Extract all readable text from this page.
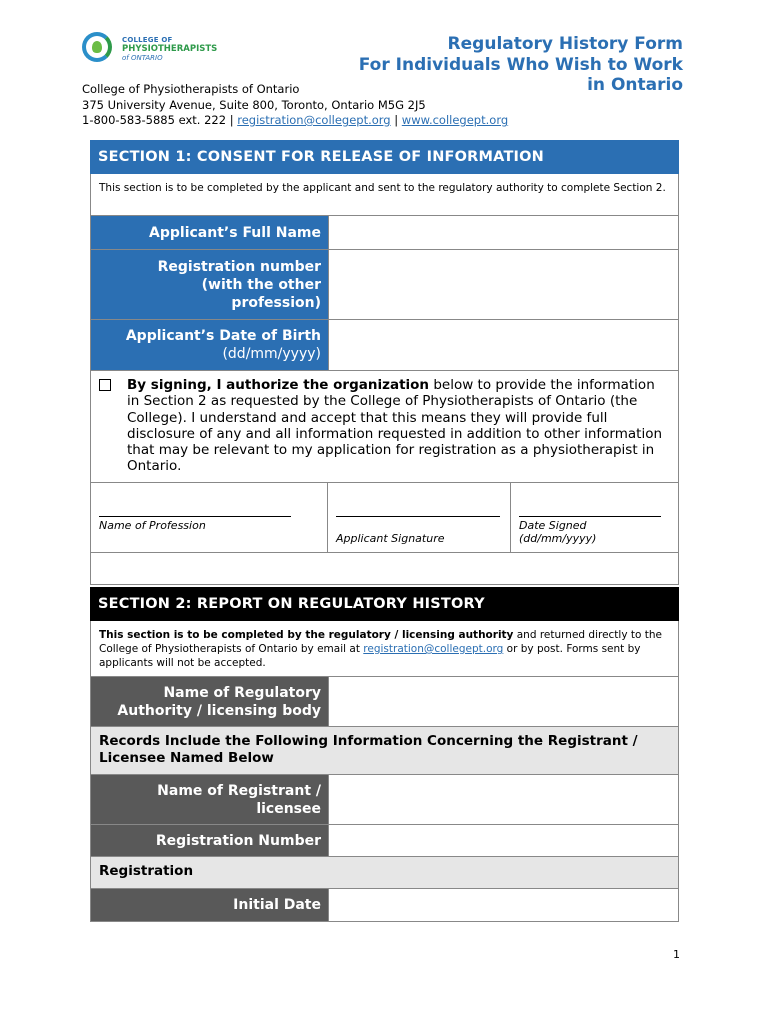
COLLEGE OF
PHYSIOTHERAPISTS
of ONTARIO
Regulatory History Form
For Individuals Who Wish to Work
in Ontario
College of Physiotherapists of Ontario
375 University Avenue, Suite 800, Toronto, Ontario M5G 2J5
1-800-583-5885 ext. 222 | registration@collegept.org | www.collegept.org
SECTION 1: CONSENT FOR RELEASE OF INFORMATION
This section is to be completed by the applicant and sent to the regulatory authority to complete Section 2.
Applicant’s Full Name
Registration number
(with the other
profession)
Applicant’s Date of Birth
(dd/mm/yyyy)
By signing, I authorize the organization below to provide the information in Section 2 as requested by the College of Physiotherapists of Ontario (the College). I understand and accept that this means they will provide full disclosure of any and all information requested in addition to other information that may be relevant to my application for registration as a physiotherapist in Ontario.
Name of Profession
Applicant Signature
Date Signed
(dd/mm/yyyy)
SECTION 2: REPORT ON REGULATORY HISTORY
This section is to be completed by the regulatory / licensing authority and returned directly to the College of Physiotherapists of Ontario by email at registration@collegept.org or by post. Forms sent by applicants will not be accepted.
Name of Regulatory
Authority / licensing body
Records Include the Following Information Concerning the Registrant / Licensee Named Below
Name of Registrant /
licensee
Registration Number
Registration
Initial Date
1
